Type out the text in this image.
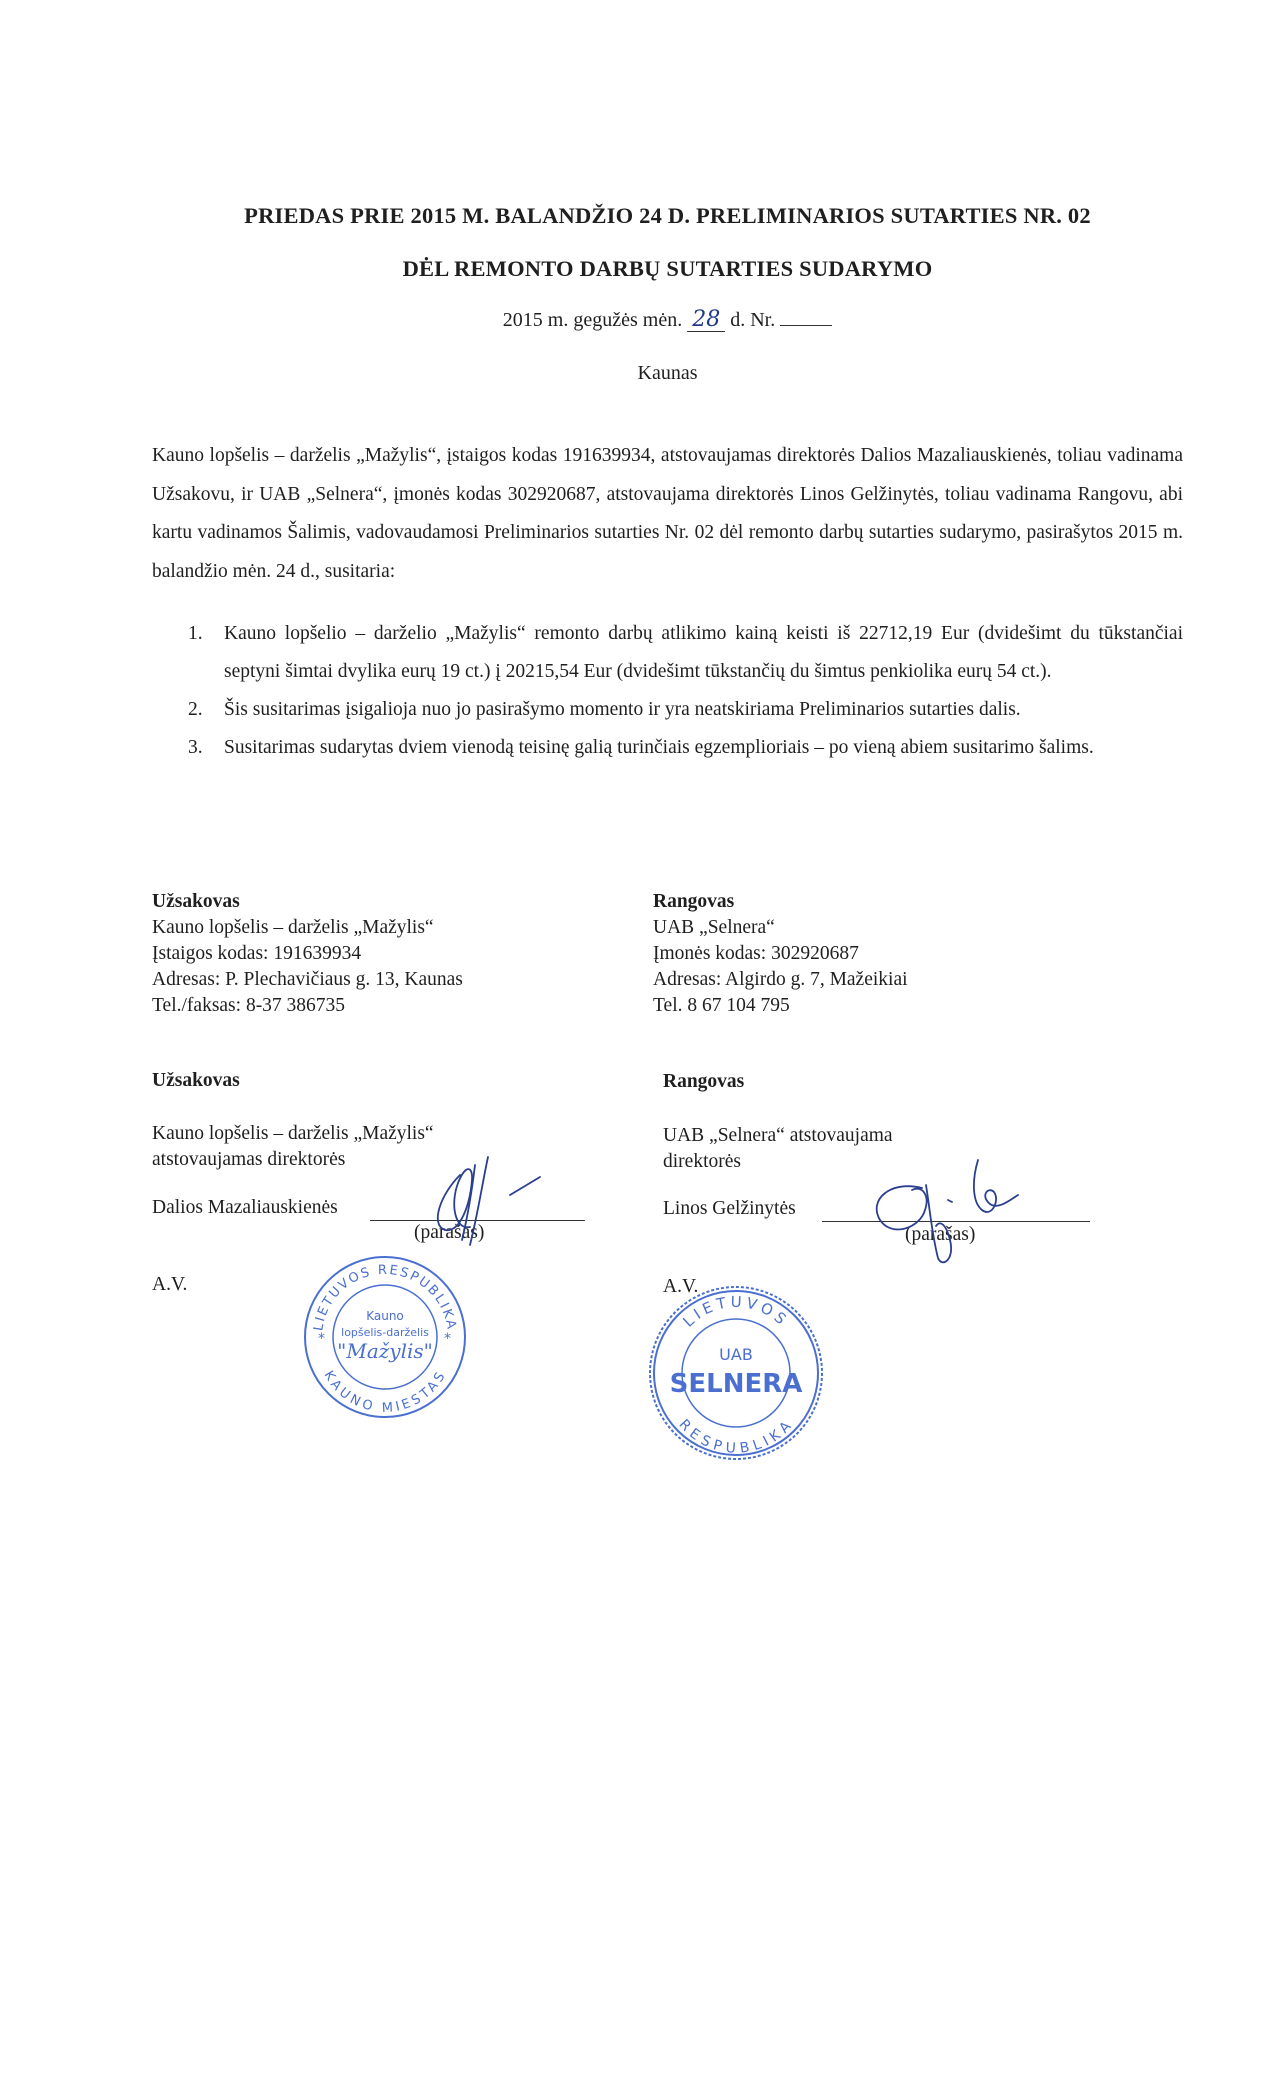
PRIEDAS PRIE 2015 M. BALANDŽIO 24 D. PRELIMINARIOS SUTARTIES NR. 02
DĖL REMONTO DARBŲ SUTARTIES SUDARYMO
2015 m. gegužės mėn. 28 d. Nr.
Kaunas

Kauno lopšelis – darželis „Mažylis“, įstaigos kodas 191639934, atstovaujamas direktorės Dalios Mazaliauskienės, toliau vadinama Užsakovu, ir UAB „Selnera“, įmonės kodas 302920687, atstovaujama direktorės Linos Gelžinytės, toliau vadinama Rangovu, abi kartu vadinamos Šalimis, vadovaudamosi Preliminarios sutarties Nr. 02 dėl remonto darbų sutarties sudarymo, pasirašytos 2015 m. balandžio mėn. 24 d., susitaria:

1. Kauno lopšelio – darželio „Mažylis“ remonto darbų atlikimo kainą keisti iš 22712,19 Eur (dvidešimt du tūkstančiai septyni šimtai dvylika eurų 19 ct.) į 20215,54 Eur (dvidešimt tūkstančių du šimtus penkiolika eurų 54 ct.).
2. Šis susitarimas įsigalioja nuo jo pasirašymo momento ir yra neatskiriama Preliminarios sutarties dalis.
3. Susitarimas sudarytas dviem vienodą teisinę galią turinčiais egzemplioriais – po vieną abiem susitarimo šalims.
Užsakovas
Kauno lopšelis – darželis „Mažylis“
Įstaigos kodas: 191639934
Adresas: P. Plechavičiaus g. 13, Kaunas
Tel./faksas: 8-37 386735
Rangovas
UAB „Selnera“
Įmonės kodas: 302920687
Adresas: Algirdo g. 7, Mažeikiai
Tel. 8 67 104 795
Užsakovas
Kauno lopšelis – darželis „Mažylis“
atstovaujamas direktorės
Dalios Mazaliauskienės
(parašas)
A.V.
Rangovas
UAB „Selnera“ atstovaujama
direktorės
Linos Gelžinytės
(parašas)
A.V.
LIETUVOS RESPUBLIKA
KAUNO MIESTAS
*	*
Kauno
lopšelis-darželis
"Mažylis"
LIETUVOS
RESPUBLIKA
UAB
SELNERA
